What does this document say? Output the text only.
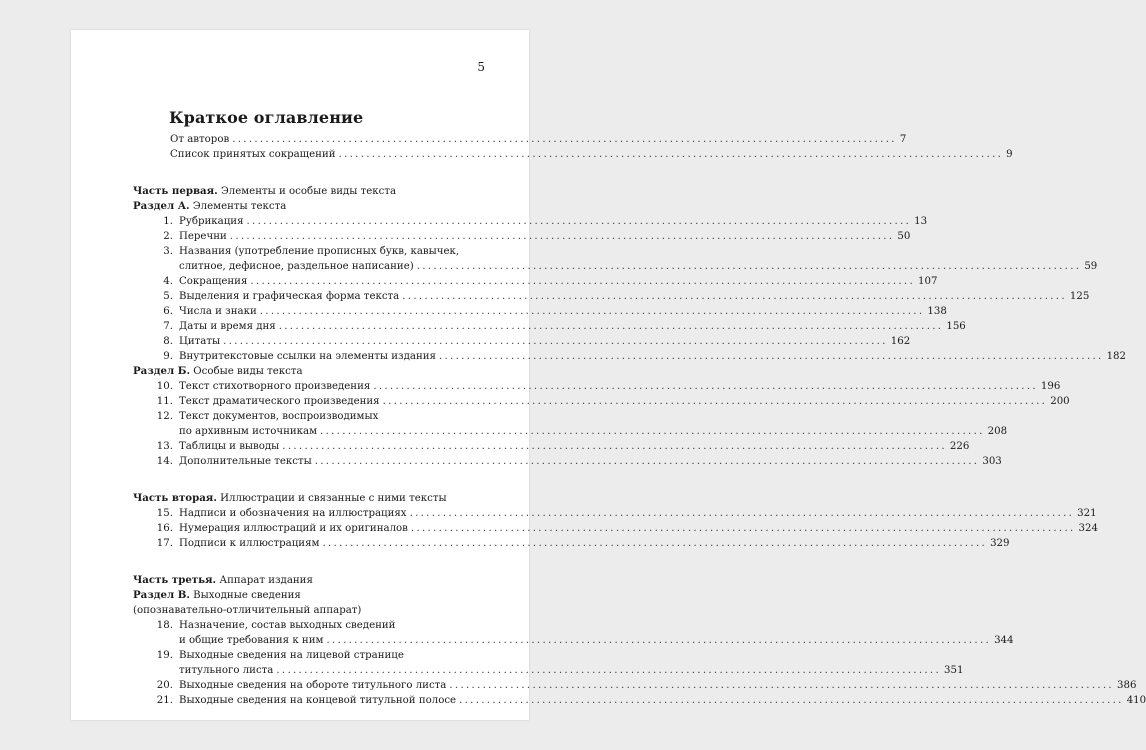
5
Краткое оглавление
От авторов ........................................................................................................................ 7
Список принятых сокращений ........................................................................................................................ 9
Часть первая. Элементы и особые виды текста
Раздел А. Элементы текста
1. Рубрикация ........................................................................................................................ 13
2. Перечни ........................................................................................................................ 50
3. Названия (употребление прописных букв, кавычек,
слитное, дефисное, раздельное написание) ........................................................................................................................ 59
4. Сокращения ........................................................................................................................ 107
5. Выделения и графическая форма текста ........................................................................................................................ 125
6. Числа и знаки ........................................................................................................................ 138
7. Даты и время дня ........................................................................................................................ 156
8. Цитаты ........................................................................................................................ 162
9. Внутритекстовые ссылки на элементы издания ........................................................................................................................ 182
Раздел Б. Особые виды текста
10. Текст стихотворного произведения ........................................................................................................................ 196
11. Текст драматического произведения ........................................................................................................................ 200
12. Текст документов, воспроизводимых
по архивным источникам ........................................................................................................................ 208
13. Таблицы и выводы ........................................................................................................................ 226
14. Дополнительные тексты ........................................................................................................................ 303
Часть вторая. Иллюстрации и связанные с ними тексты
15. Надписи и обозначения на иллюстрациях ........................................................................................................................ 321
16. Нумерация иллюстраций и их оригиналов ........................................................................................................................ 324
17. Подписи к иллюстрациям ........................................................................................................................ 329
Часть третья. Аппарат издания
Раздел В. Выходные сведения
(опознавательно-отличительный аппарат)
18. Назначение, состав выходных сведений
и общие требования к ним ........................................................................................................................ 344
19. Выходные сведения на лицевой странице
титульного листа ........................................................................................................................ 351
20. Выходные сведения на обороте титульного листа ........................................................................................................................ 386
21. Выходные сведения на концевой титульной полосе ........................................................................................................................ 410
